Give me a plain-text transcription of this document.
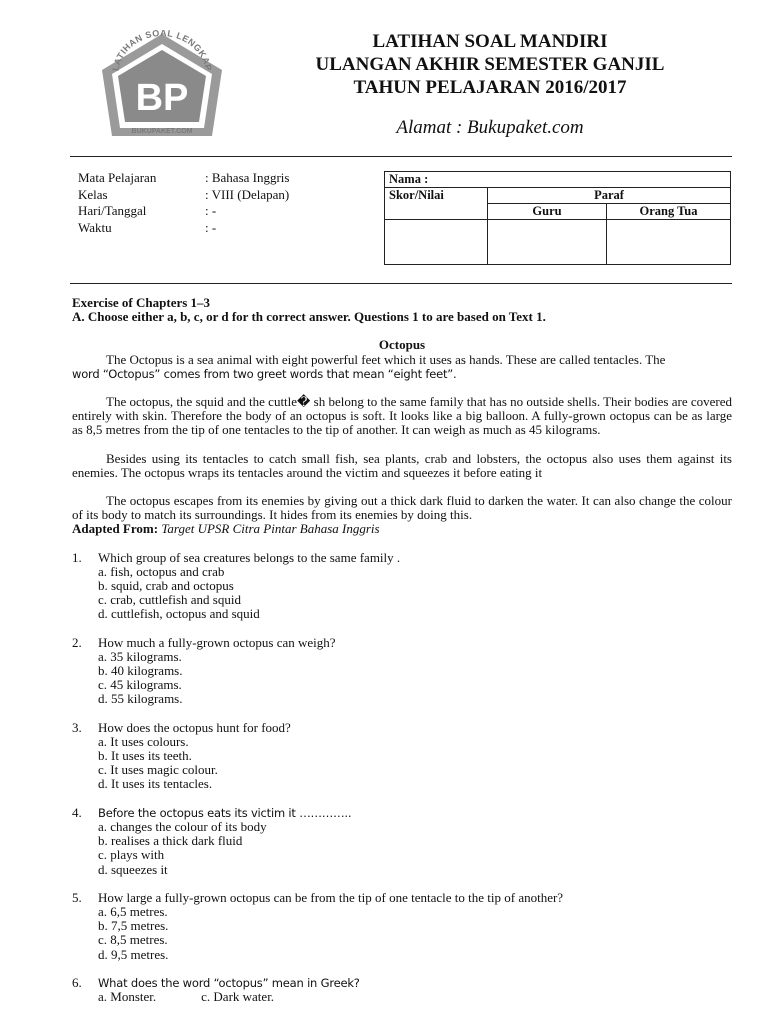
LATIHAN SOAL LENGKAP
BP
BUKUPAKET.COM

LATIHAN SOAL MANDIRI

ULANGAN AKHIR SEMESTER GANJIL

TAHUN PELAJARAN 2016/2017

Alamat : Bukupaket.com
Mata Pelajaran	: Bahasa Inggris
Kelas	: VIII (Delapan)
Hari/Tanggal	: -
Waktu	: -
Nama :		
Skor/Nilai	Paraf	
	Guru	Orang Tua

Exercise of Chapters 1–3

A. Choose either a, b, c, or d for th correct answer. Questions 1 to are based on Text 1.

Octopus

The Octopus is a sea animal with eight powerful feet which it uses as hands. These are called tentacles. The

word “Octopus” comes from two greet words that mean “eight feet”.

The octopus, the squid and the cuttle� sh belong to the same family that has no outside shells. Their bodies are covered entirely with skin. Therefore the body of an octopus is soft. It looks like a big balloon. A fully-grown octopus can be as large as 8,5 metres from the tip of one tentacles to the tip of another. It can weigh as much as 45 kilograms.

Besides using its tentacles to catch small fish, sea plants, crab and lobsters, the octopus also uses them against its enemies. The octopus wraps its tentacles around the victim and squeezes it before eating it

The octopus escapes from its enemies by giving out a thick dark fluid to darken the water. It can also change the colour of its body to match its surroundings. It hides from its enemies by doing this.

Adapted From: Target UPSR Citra Pintar Bahasa Inggris

1.	Which group of sea creatures belongs to the same family .

a. fish, octopus and crab

b. squid, crab and octopus

c. crab, cuttlefish and squid

d. cuttlefish, octopus and squid

2.	How much a fully-grown octopus can weigh?

a. 35 kilograms.

b. 40 kilograms.

c. 45 kilograms.

d. 55 kilograms.

3.	How does the octopus hunt for food?

a. It uses colours.

b. It uses its teeth.

c. It uses magic colour.

d. It uses its tentacles.

4.	Before the octopus eats its victim it …………..

a. changes the colour of its body

b. realises a thick dark fluid

c. plays with

d. squeezes it

5.	How large a fully-grown octopus can be from the tip of one tentacle to the tip of another?

a. 6,5 metres.

b. 7,5 metres.

c. 8,5 metres.

d. 9,5 metres.

6.	What does the word “octopus” mean in Greek?

a. Monster.	c. Dark water.
